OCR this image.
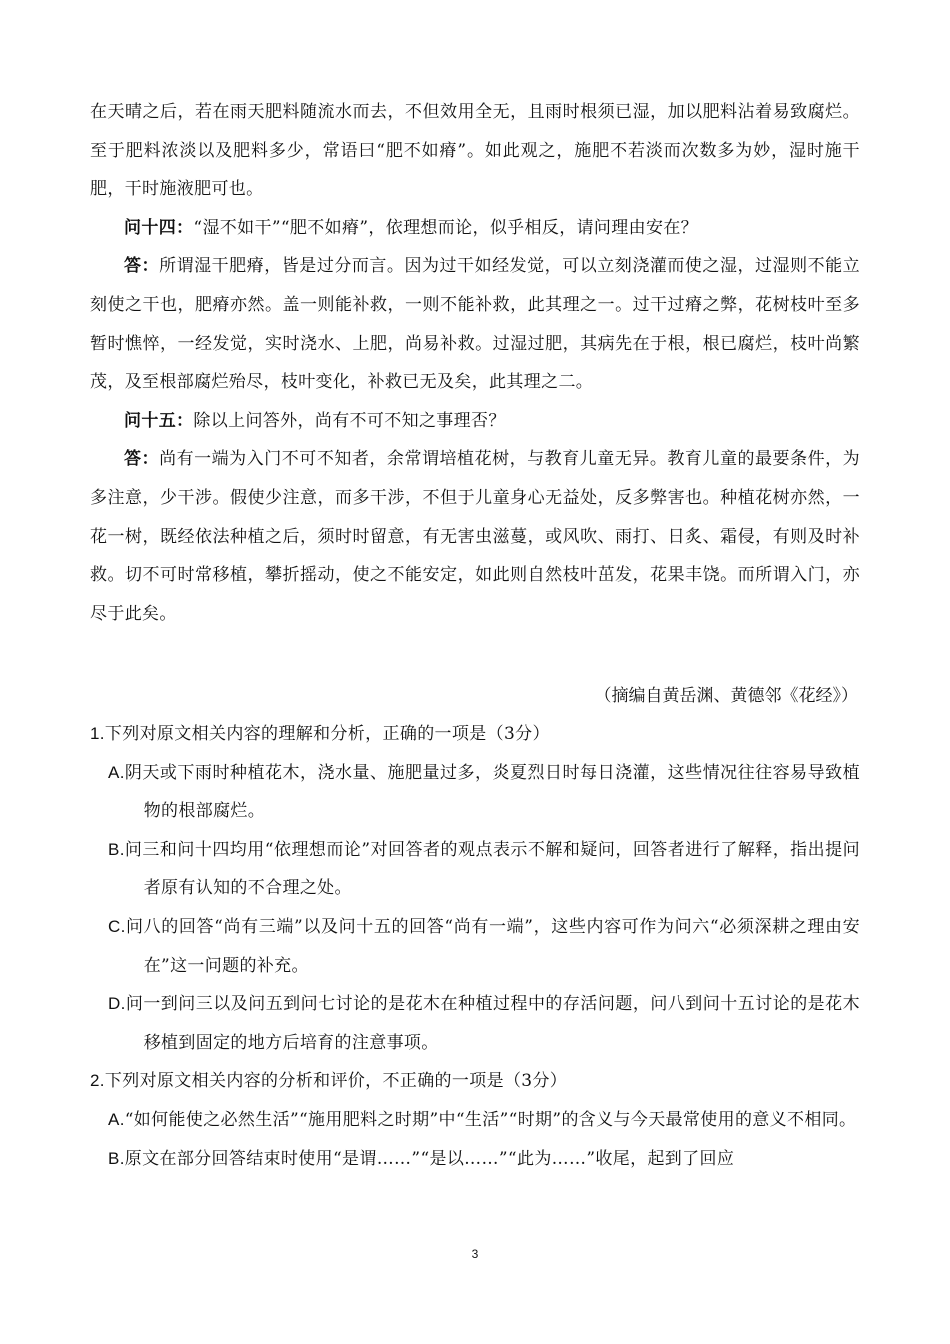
在天晴之后，若在雨天肥料随流水而去，不但效用全无，且雨时根须已湿，加以肥料沾着易致腐烂。至于肥料浓淡以及肥料多少，常语曰“肥不如瘠”。如此观之，施肥不若淡而次数多为妙，湿时施干肥，干时施液肥可也。

问十四：“湿不如干”“肥不如瘠”，依理想而论，似乎相反，请问理由安在？

答：所谓湿干肥瘠，皆是过分而言。因为过干如经发觉，可以立刻浇灌而使之湿，过湿则不能立刻使之干也，肥瘠亦然。盖一则能补救，一则不能补救，此其理之一。过干过瘠之弊，花树枝叶至多暂时憔悴，一经发觉，实时浇水、上肥，尚易补救。过湿过肥，其病先在于根，根已腐烂，枝叶尚繁茂，及至根部腐烂殆尽，枝叶变化，补救已无及矣，此其理之二。

问十五：除以上问答外，尚有不可不知之事理否？

答：尚有一端为入门不可不知者，余常谓培植花树，与教育儿童无异。教育儿童的最要条件，为多注意，少干涉。假使少注意，而多干涉，不但于儿童身心无益处，反多弊害也。种植花树亦然，一花一树，既经依法种植之后，须时时留意，有无害虫滋蔓，或风吹、雨打、日炙、霜侵，有则及时补救。切不可时常移植，攀折摇动，使之不能安定，如此则自然枝叶茁发，花果丰饶。而所谓入门，亦尽于此矣。

（摘编自黄岳渊、黄德邻《花经》）

1.下列对原文相关内容的理解和分析，正确的一项是（3分）

A.阴天或下雨时种植花木，浇水量、施肥量过多，炎夏烈日时每日浇灌，这些情况往往容易导致植物的根部腐烂。

B.问三和问十四均用“依理想而论”对回答者的观点表示不解和疑问，回答者进行了解释，指出提问者原有认知的不合理之处。

C.问八的回答“尚有三端”以及问十五的回答“尚有一端”，这些内容可作为问六“必须深耕之理由安在”这一问题的补充。

D.问一到问三以及问五到问七讨论的是花木在种植过程中的存活问题，问八到问十五讨论的是花木移植到固定的地方后培育的注意事项。

2.下列对原文相关内容的分析和评价，不正确的一项是（3分）

A.“如何能使之必然生活”“施用肥料之时期”中“生活”“时期”的含义与今天最常使用的意义不相同。

B.原文在部分回答结束时使用“是谓……”“是以……”“此为……”收尾，起到了回应

3
